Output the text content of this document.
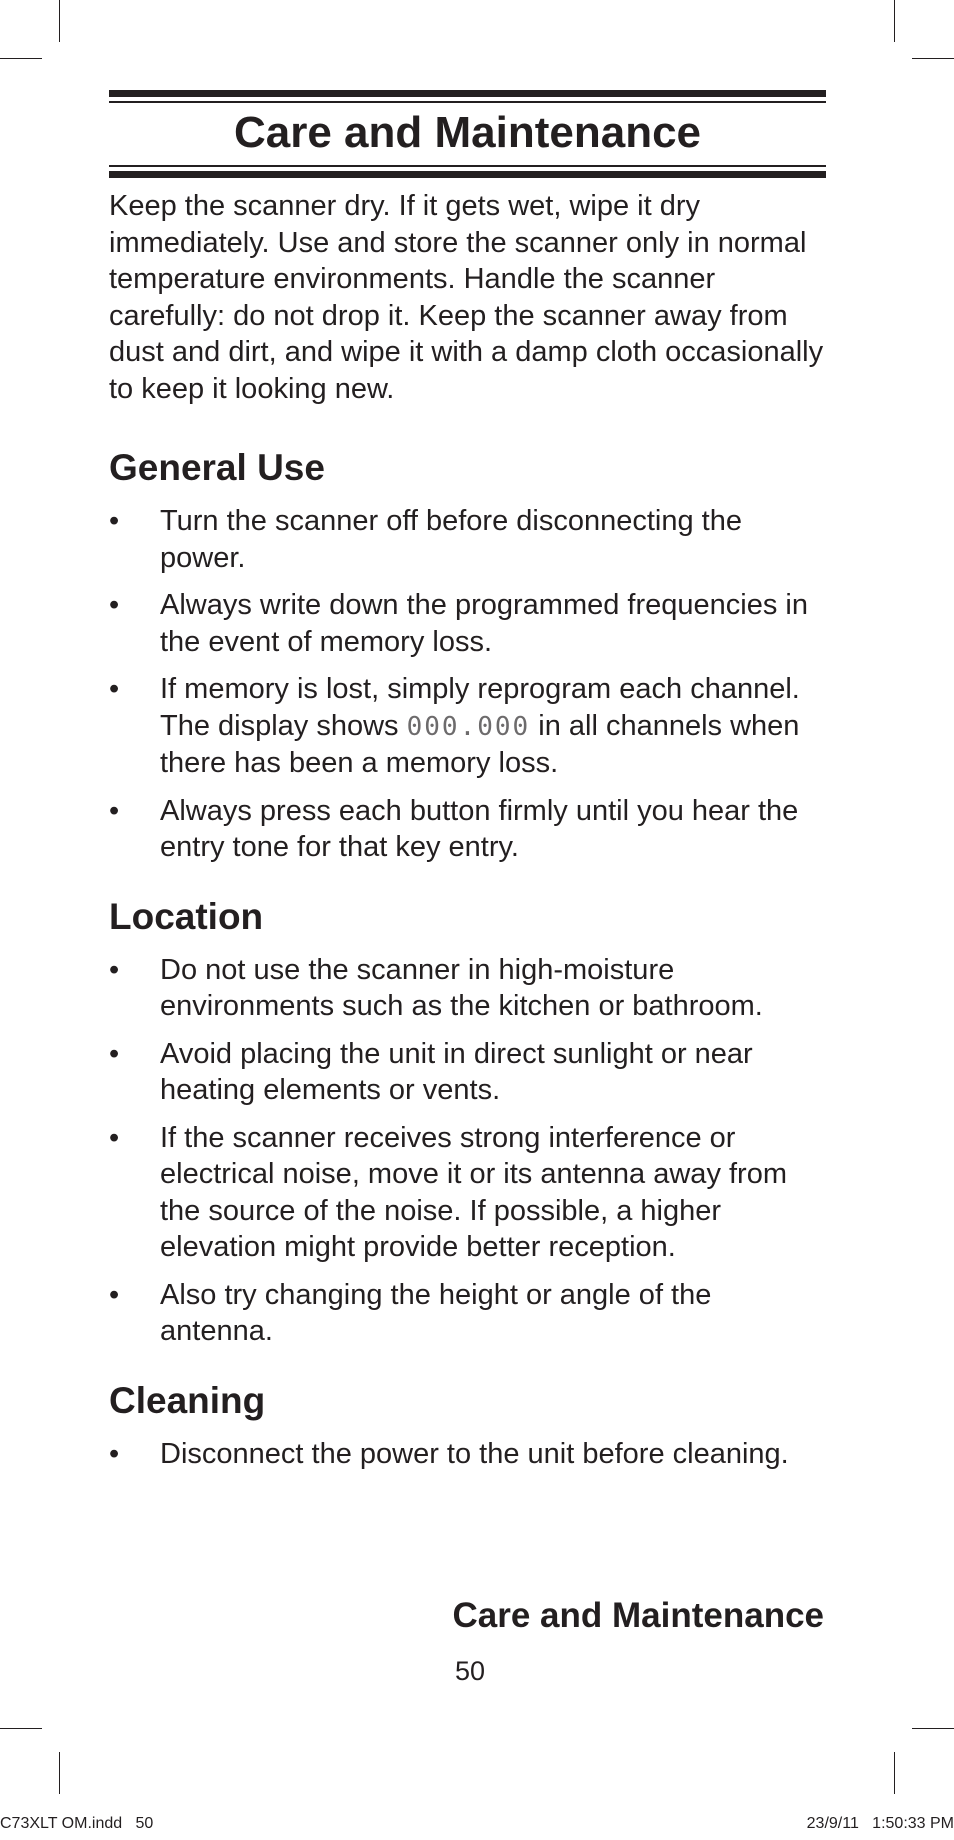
Care and Maintenance

Keep the scanner dry. If it gets wet, wipe it dry immediately. Use and store the scanner only in normal temperature environments. Handle the scanner carefully: do not drop it. Keep the scanner away from dust and dirt, and wipe it with a damp cloth occasionally to keep it looking new.

General Use
• Turn the scanner off before disconnecting the power.
• Always write down the programmed frequencies in the event of memory loss.
• If memory is lost, simply reprogram each channel. The display shows 000.000 in all channels when there has been a memory loss.
• Always press each button firmly until you hear the entry tone for that key entry.
Location
• Do not use the scanner in high-moisture environments such as the kitchen or bathroom.
• Avoid placing the unit in direct sunlight or near heating elements or vents.
• If the scanner receives strong interference or electrical noise, move it or its antenna away from the source of the noise. If possible, a higher elevation might provide better reception.
• Also try changing the height or angle of the antenna.
Cleaning
• Disconnect the power to the unit before cleaning.
Care and Maintenance
50
C73XLT OM.indd   50	23/9/11   1:50:33 PM
